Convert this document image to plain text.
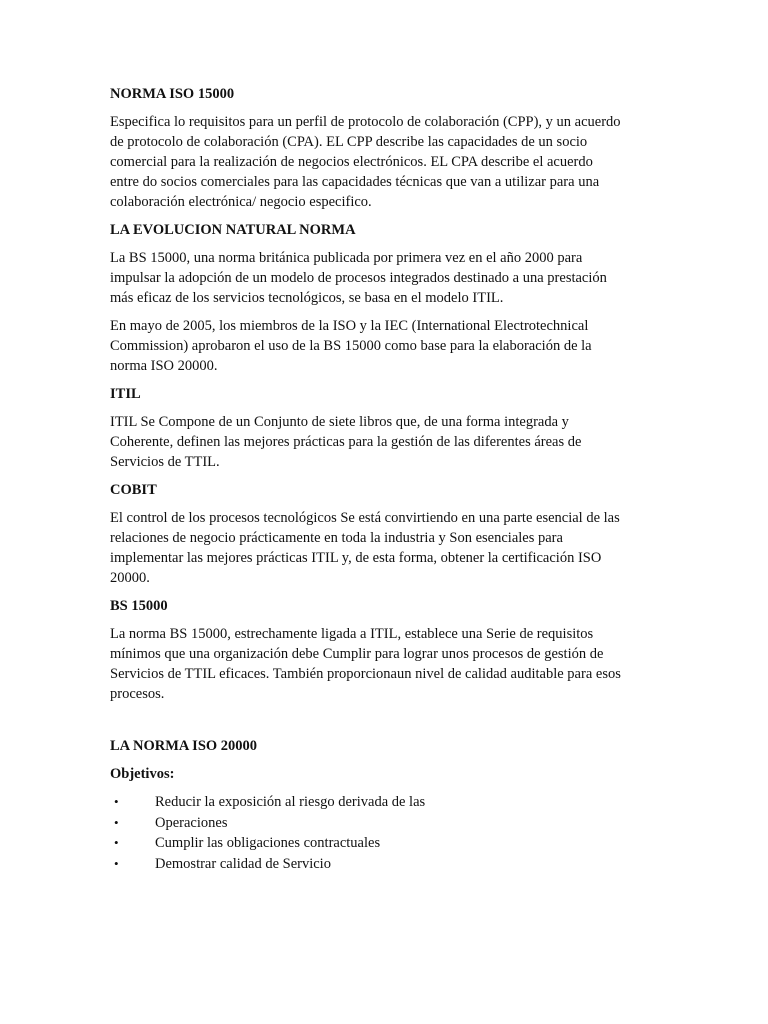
NORMA ISO 15000
Especifica lo requisitos para un perfil de protocolo de colaboración (CPP), y un acuerdo
de protocolo de colaboración (CPA). EL CPP describe las capacidades de un socio
comercial para la realización de negocios electrónicos. EL CPA describe el acuerdo
entre do socios comerciales para las capacidades técnicas que van a utilizar para una
colaboración electrónica/ negocio especifico.
LA EVOLUCION NATURAL NORMA
La BS 15000, una norma británica publicada por primera vez en el año 2000 para
impulsar la adopción de un modelo de procesos integrados destinado a una prestación
más eficaz de los servicios tecnológicos, se basa en el modelo ITIL.
En mayo de 2005, los miembros de la ISO y la IEC (International Electrotechnical
Commission) aprobaron el uso de la BS 15000 como base para la elaboración de la
norma ISO 20000.
ITIL
ITIL Se Compone de un Conjunto de siete libros que, de una forma integrada y
Coherente, definen las mejores prácticas para la gestión de las diferentes áreas de
Servicios de TTIL.
COBIT
El control de los procesos tecnológicos Se está convirtiendo en una parte esencial de las
relaciones de negocio prácticamente en toda la industria y Son esenciales para
implementar las mejores prácticas ITIL y, de esta forma, obtener la certificación ISO
20000.
BS 15000
La norma BS 15000, estrechamente ligada a ITIL, establece una Serie de requisitos
mínimos que una organización debe Cumplir para lograr unos procesos de gestión de
Servicios de TTIL eficaces. También proporcionaun nivel de calidad auditable para esos
procesos.
LA NORMA ISO 20000
Objetivos:
•	Reducir la exposición al riesgo derivada de las
•	Operaciones
•	Cumplir las obligaciones contractuales
•	Demostrar calidad de Servicio
